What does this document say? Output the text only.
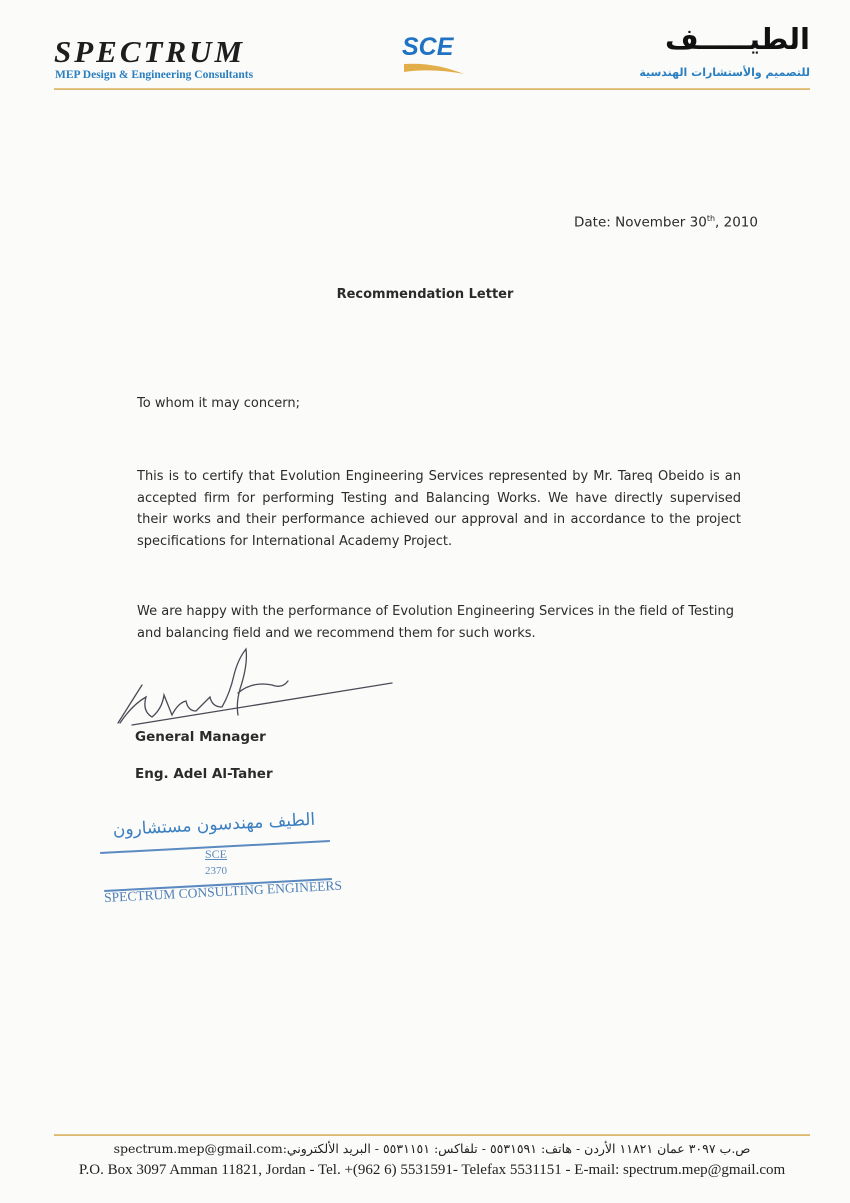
SPECTRUM
MEP Design & Engineering Consultants
SCE	الطيـــــف
للتصميم والأستشارات الهندسية
Date: November 30th, 2010
Recommendation Letter
To whom it may concern;
This is to certify that Evolution Engineering Services represented by Mr. Tareq Obeido is an accepted firm for performing Testing and Balancing Works. We have directly supervised their works and their performance achieved our approval and in accordance to the project specifications for International Academy Project.
We are happy with the performance of Evolution Engineering Services in the field of Testing and balancing field and we recommend them for such works.
General Manager
Eng. Adel Al-Taher
الطيف مهندسون مستشارون
SCE
2370
SPECTRUM CONSULTING ENGINEERS
ص.ب ٣٠٩٧ عمان ١١٨٢١ الأردن - هاتف: ٥٥٣١٥٩١ - تلفاكس: ٥٥٣١١٥١ - البريد الألكتروني:spectrum.mep@gmail.com
P.O. Box 3097 Amman 11821, Jordan - Tel. +(962 6) 5531591- Telefax 5531151 - E-mail: spectrum.mep@gmail.com
